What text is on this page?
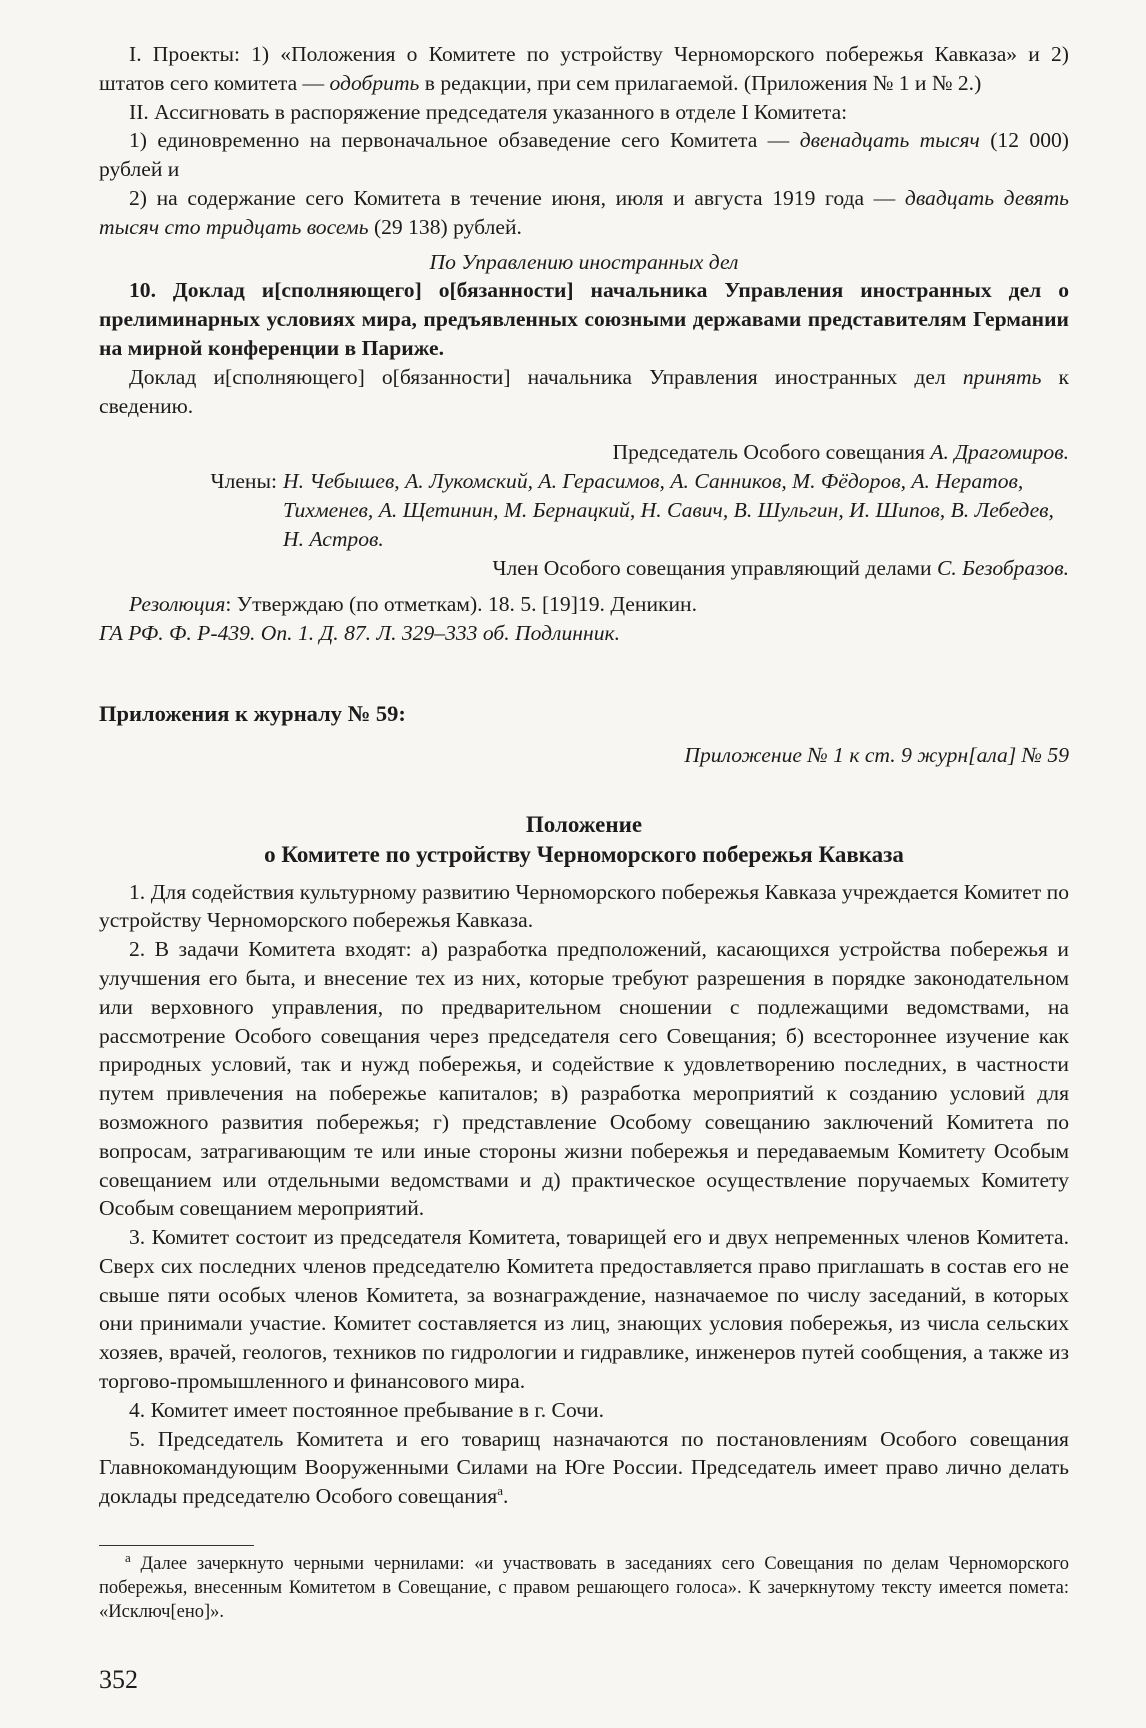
I. Проекты: 1) «Положения о Комитете по устройству Черноморского побережья Кавказа» и 2) штатов сего комитета — одобрить в редакции, при сем прилагаемой. (Приложения № 1 и № 2.)

II. Ассигновать в распоряжение председателя указанного в отделе I Комитета:

1) единовременно на первоначальное обзаведение сего Комитета — двенадцать тысяч (12 000) рублей и

2) на содержание сего Комитета в течение июня, июля и августа 1919 года — двадцать девять тысяч сто тридцать восемь (29 138) рублей.

По Управлению иностранных дел

10. Доклад и[сполняющего] о[бязанности] начальника Управления иностранных дел о прелиминарных условиях мира, предъявленных союзными державами представителям Германии на мирной конференции в Париже.

Доклад и[сполняющего] о[бязанности] начальника Управления иностранных дел принять к сведению.

Председатель Особого совещания А. Драгомиров.

Члены: Н. Чебышев, А. Лукомский, А. Герасимов, А. Санников, М. Фёдоров, А. Нератов, Тихменев, А. Щетинин, М. Бернацкий, Н. Савич, В. Шульгин, И. Шипов, В. Лебедев, Н. Астров.

Член Особого совещания управляющий делами С. Безобразов.

Резолюция: Утверждаю (по отметкам). 18. 5. [19]19. Деникин.

ГА РФ. Ф. Р-439. Оп. 1. Д. 87. Л. 329–333 об. Подлинник.

Приложения к журналу № 59:

Приложение № 1 к ст. 9 журн[ала] № 59

Положение

о Комитете по устройству Черноморского побережья Кавказа

1. Для содействия культурному развитию Черноморского побережья Кавказа учреждается Комитет по устройству Черноморского побережья Кавказа.

2. В задачи Комитета входят: а) разработка предположений, касающихся устройства побережья и улучшения его быта, и внесение тех из них, которые требуют разрешения в порядке законодательном или верховного управления, по предварительном сношении с подлежащими ведомствами, на рассмотрение Особого совещания через председателя сего Совещания; б) всестороннее изучение как природных условий, так и нужд побережья, и содействие к удовлетворению последних, в частности путем привлечения на побережье капиталов; в) разработка мероприятий к созданию условий для возможного развития побережья; г) представление Особому совещанию заключений Комитета по вопросам, затрагивающим те или иные стороны жизни побережья и передаваемым Комитету Особым совещанием или отдельными ведомствами и д) практическое осуществление поручаемых Комитету Особым совещанием мероприятий.

3. Комитет состоит из председателя Комитета, товарищей его и двух непременных членов Комитета. Сверх сих последних членов председателю Комитета предоставляется право приглашать в состав его не свыше пяти особых членов Комитета, за вознаграждение, назначаемое по числу заседаний, в которых они принимали участие. Комитет составляется из лиц, знающих условия побережья, из числа сельских хозяев, врачей, геологов, техников по гидрологии и гидравлике, инженеров путей сообщения, а также из торгово-промышленного и финансового мира.

4. Комитет имеет постоянное пребывание в г. Сочи.

5. Председатель Комитета и его товарищ назначаются по постановлениям Особого совещания Главнокомандующим Вооруженными Силами на Юге России. Председатель имеет право лично делать доклады председателю Особого совещания$^а$.

$^а$ Далее зачеркнуто черными чернилами: «и участвовать в заседаниях сего Совещания по делам Черноморского побережья, внесенным Комитетом в Совещание, с правом решающего голоса». К зачеркнутому тексту имеется помета: «Исключ[ено]».

352
